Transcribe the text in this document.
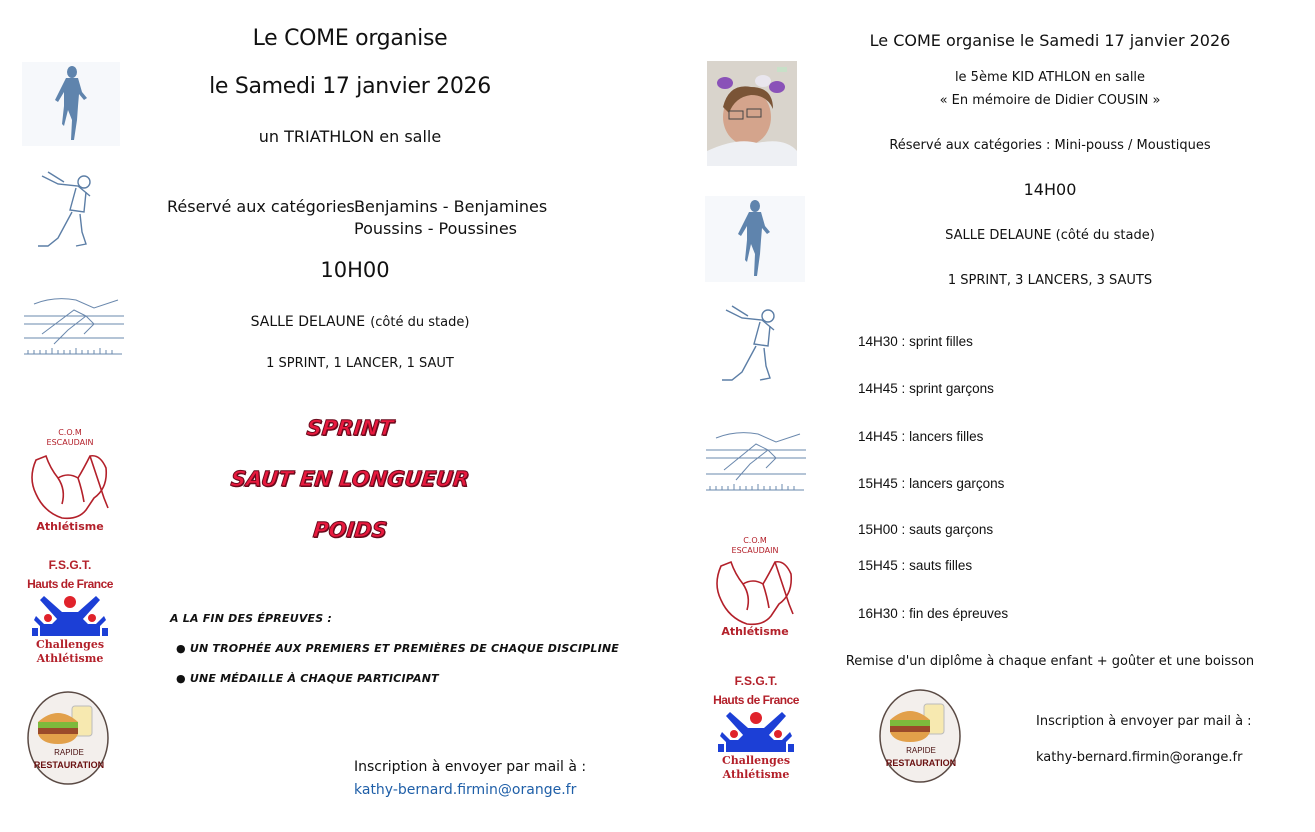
Le COME organise
le Samedi 17 janvier 2026
un TRIATHLON en salle
Réservé aux catégories :
Benjamins - Benjamines
Poussins - Poussines
10H00
SALLE DELAUNE (côté du stade)
1 SPRINT, 1 LANCER, 1 SAUT
C.O.M
ESCAUDAIN
Athlétisme
SPRINT
SAUT EN LONGUEUR
POIDS
F.S.G.T.
Hauts de France
Challenges
Athlétisme
A LA FIN DES ÉPREUVES :
● UN TROPHÉE AUX PREMIERS ET PREMIÈRES DE CHAQUE DISCIPLINE
● UNE MÉDAILLE À CHAQUE PARTICIPANT
RAPIDE
RESTAURATION	Inscription à envoyer par mail à :
kathy-bernard.firmin@orange.fr
Le COME organise le Samedi 17 janvier 2026
le 5ème KID ATHLON en salle
« En mémoire de Didier COUSIN »
Réservé aux catégories : Mini-pouss / Moustiques
14H00
SALLE DELAUNE (côté du stade)
1 SPRINT, 3 LANCERS, 3 SAUTS
14H30 : sprint filles
14H45 : sprint garçons
14H45 : lancers filles
15H45 : lancers garçons
15H00 : sauts garçons
15H45 : sauts filles
16H30 : fin des épreuves
C.O.M
ESCAUDAIN
Athlétisme
Remise d'un diplôme à chaque enfant + goûter et une boisson
F.S.G.T.
Hauts de France
Challenges
Athlétisme
RAPIDE
RESTAURATION
Inscription à envoyer par mail à :
kathy-bernard.firmin@orange.fr
